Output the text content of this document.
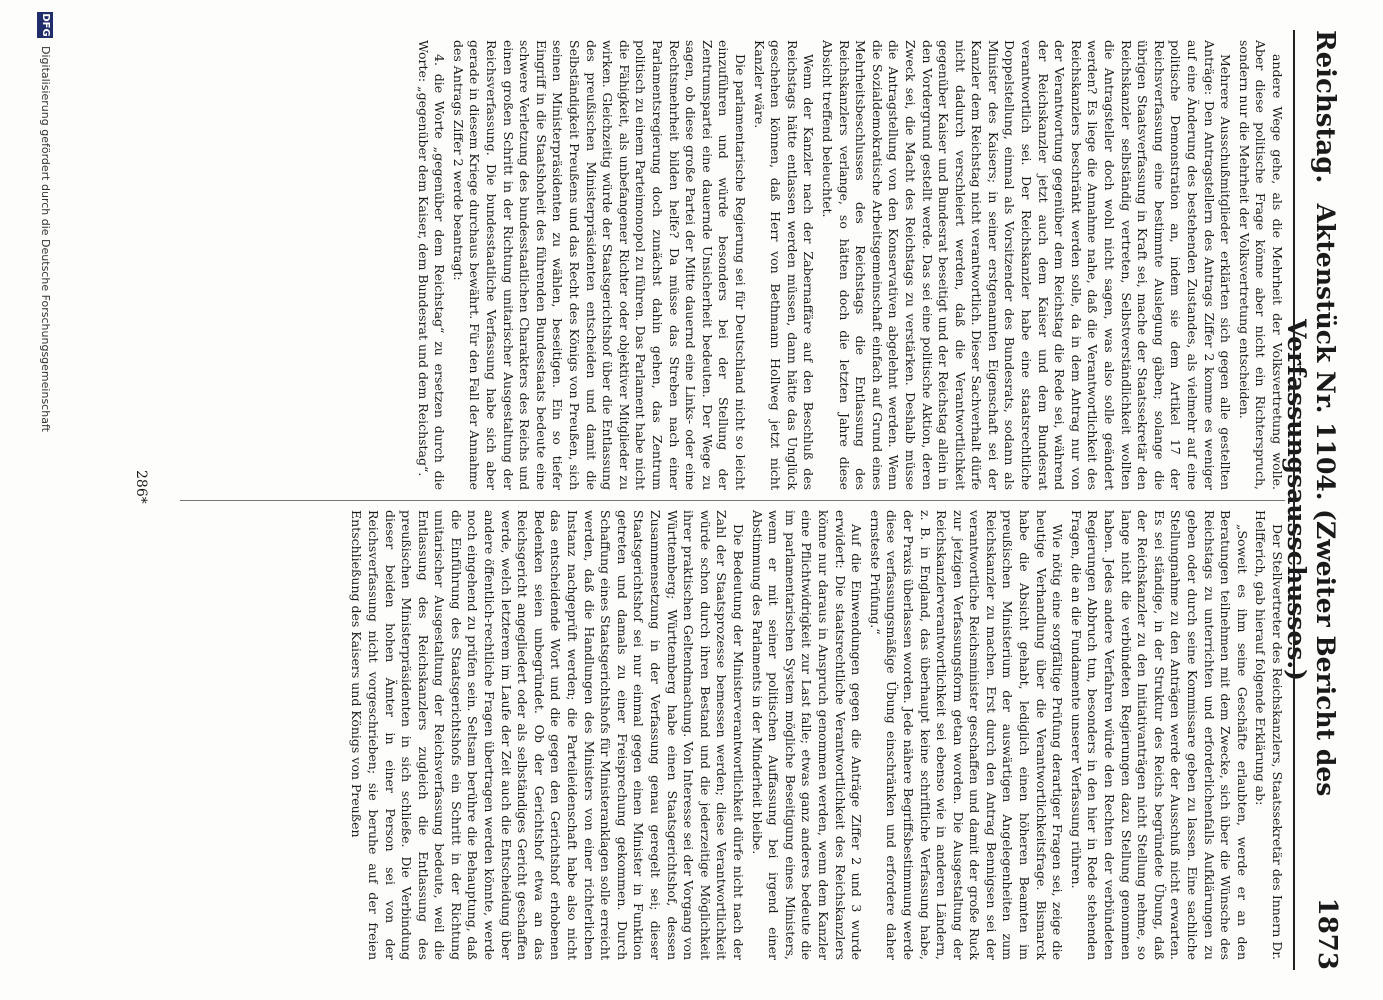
Reichstag.
Aktenstück Nr. 1104. (Zweiter Bericht des Verfassungsausschusses.)
1873

andere Wege gehe, als die Mehrheit der Volksvertretung wolle. Aber diese politische Frage könne aber nicht ein Richterspruch, sondern nur die Mehrheit der Volksvertretung entscheiden.

Mehrere Ausschußmitglieder erklärten sich gegen alle gestellten Anträge: Den Antragstellern des Antrags Ziffer 2 komme es weniger auf eine Änderung des bestehenden Zustandes, als vielmehr auf eine politische Demonstration an, indem sie dem Artikel 17 der Reichsverfassung eine bestimmte Auslegung gäben; solange die übrigen Staatsverfassung in Kraft sei, mache der Staatssekretär den Reichskanzler selbständig vertreten, Selbstverständlichkeit wollten die Antragsteller doch wohl nicht sagen, was also solle geändert werden? Es liege die Annahme nahe, daß die Verantwortlichkeit des Reichskanzlers beschränkt werden solle, da in dem Antrag nur von der Verantwortung gegenüber dem Reichstag die Rede sei, während der Reichskanzler jetzt auch dem Kaiser und dem Bundesrat verantwortlich sei. Der Reichskanzler habe eine staatsrechtliche Doppelstellung, einmal als Vorsitzender des Bundesrats, sodann als Minister des Kaisers; in seiner erstgenannten Eigenschaft sei der Kanzler dem Reichstag nicht verantwortlich. Dieser Sachverhalt dürfe nicht dadurch verschleiert werden, daß die Verantwortlichkeit gegenüber Kaiser und Bundesrat beseitigt und der Reichstag allein in den Vordergrund gestellt werde. Das sei eine politische Aktion, deren Zweck sei, die Macht des Reichstags zu verstärken. Deshalb müsse die Antragstellung von den Konservativen abgelehnt werden. Wenn die Sozialdemokratische Arbeitsgemeinschaft einfach auf Grund eines Mehrheitsbeschlusses des Reichstags die Entlassung des Reichskanzlers verlange, so hätten doch die letzten Jahre diese Absicht treffend beleuchtet.

Wenn der Kanzler nach der Zabernaffäre auf den Beschluß des Reichstags hätte entlassen werden müssen, dann hätte das Unglück geschehen können, daß Herr von Bethmann Hollweg jetzt nicht Kanzler wäre.

Die parlamentarische Regierung sei für Deutschland nicht so leicht einzuführen und würde besonders bei der Stellung der Zentrumspartei eine dauernde Unsicherheit bedeuten. Der Wege zu sagen, ob diese große Partei der Mitte dauernd eine Links- oder eine Rechtsmehrheit bilden helfe? Da müsse das Streben nach einer Parlamentsregierung doch zunächst dahin gehen, das Zentrum politisch zu einem Parteimonopol zu führen. Das Parlament habe nicht die Fähigkeit, als unbefangener Richter oder objektiver Mitglieder zu wirken. Gleichzeitig würde der Staatsgerichtshof über die Entlassung des preußischen Ministerpräsidenten entscheiden und damit die Selbständigkeit Preußens und das Recht des Königs von Preußen, sich seinen Ministerpräsidenten zu wählen, beseitigen. Ein so tiefer Eingriff in die Staatshoheit des führenden Bundesstaats bedeute eine schwere Verletzung des bundesstaatlichen Charakters des Reichs und einen großen Schritt in der Richtung unitarischer Ausgestaltung der Reichsverfassung. Die bundesstaatliche Verfassung habe sich aber gerade in diesem Kriege durchaus bewährt. Für den Fall der Annahme des Antrags Ziffer 2 werde beantragt:

4. die Worte „gegenüber dem Reichstag“ zu ersetzen durch die Worte: „gegenüber dem Kaiser, dem Bundesrat und dem Reichstag“.

Der Stellvertreter des Reichskanzlers, Staatssekretär des Innern Dr. Helfferich, gab hierauf folgende Erklärung ab:

„Soweit es ihm seine Geschäfte erlaubten, werde er an den Beratungen teilnehmen mit dem Zwecke, sich über die Wünsche des Reichstags zu unterrichten und erforderlichenfalls Aufklärungen zu geben oder durch seine Kommissare geben zu lassen. Eine sachliche Stellungnahme zu den Anträgen werde der Ausschuß nicht erwarten. Es sei ständige, in der Struktur des Reichs begründete Übung, daß der Reichskanzler zu den Initiativanträgen nicht Stellung nehme, so lange nicht die verbündeten Regierungen dazu Stellung genommen haben. Jedes andere Verfahren würde den Rechten der verbündeten Regierungen Abbruch tun, besonders in den hier in Rede stehenden Fragen, die an die Fundamente unserer Verfassung rühren.

Wie nötig eine sorgfältige Prüfung derartiger Fragen sei, zeige die heutige Verhandlung über die Verantwortlichkeitsfrage. Bismarck habe die Absicht gehabt, lediglich einen höheren Beamten im preußischen Ministerium der auswärtigen Angelegenheiten zum Reichskanzler zu machen. Erst durch den Antrag Bennigsen sei der verantwortliche Reichsminister geschaffen und damit der große Ruck zur jetzigen Verfassungsform getan worden. Die Ausgestaltung der Reichskanzlerverantwortlichkeit sei ebenso wie in anderen Ländern, z. B. in England, das überhaupt keine schriftliche Verfassung habe, der Praxis überlassen worden. Jede nähere Begriffsbestimmung werde diese verfassungsmäßige Übung einschränken und erfordere daher ernsteste Prüfung.“

Auf die Einwendungen gegen die Anträge Ziffer 2 und 3 wurde erwidert: Die staatsrechtliche Verantwortlichkeit des Reichskanzlers könne nur daraus in Anspruch genommen werden, wenn dem Kanzler eine Pflichtwidrigkeit zur Last falle; etwas ganz anderes bedeute die im parlamentarischen System mögliche Beseitigung eines Ministers, wenn er mit seiner politischen Auffassung bei irgend einer Abstimmung des Parlaments in der Minderheit bleibe.

Die Bedeutung der Ministerverantwortlichkeit dürfe nicht nach der Zahl der Staatsprozesse bemessen werden; diese Verantwortlichkeit würde schon durch ihren Bestand und die jederzeitige Möglichkeit ihrer praktischen Geltendmachung. Von Interesse sei der Vorgang von Württemberg; Württemberg habe einen Staatsgerichtshof, dessen Zusammensetzung in der Verfassung genau geregelt sei; dieser Staatsgerichtshof sei nur einmal gegen einen Minister in Funktion getreten und damals zu einer Freisprechung gekommen. Durch Schaffung eines Staatsgerichtshofs für Ministeranklagen solle erreicht werden, daß die Handlungen des Ministers von einer richterlichen Instanz nachgeprüft werden; die Parteileidenschaft habe also nicht das entscheidende Wort und die gegen den Gerichtshof erhobenen Bedenken seien unbegründet. Ob der Gerichtshof etwa an das Reichsgericht angegliedert oder als selbständiges Gericht geschaffen werde, welch letzterem im Laufe der Zeit auch die Entscheidung über andere öffentlich-rechtliche Fragen übertragen werden könnte, werde noch eingehend zu prüfen sein. Seltsam berühre die Behauptung, daß die Einführung des Staatsgerichtshofs ein Schritt in der Richtung unitarischer Ausgestaltung der Reichsverfassung bedeute, weil die Entlassung des Reichskanzlers zugleich die Entlassung des preußischen Ministerpräsidenten in sich schließe. Die Verbindung dieser beiden hohen Ämter in einer Person sei von der Reichsverfassung nicht vorgeschrieben; sie beruhe auf der freien Entschließung des Kaisers und Königs von Preußen

286*
DFG
Digitalisierung gefördert durch die Deutsche Forschungsgemeinschaft
